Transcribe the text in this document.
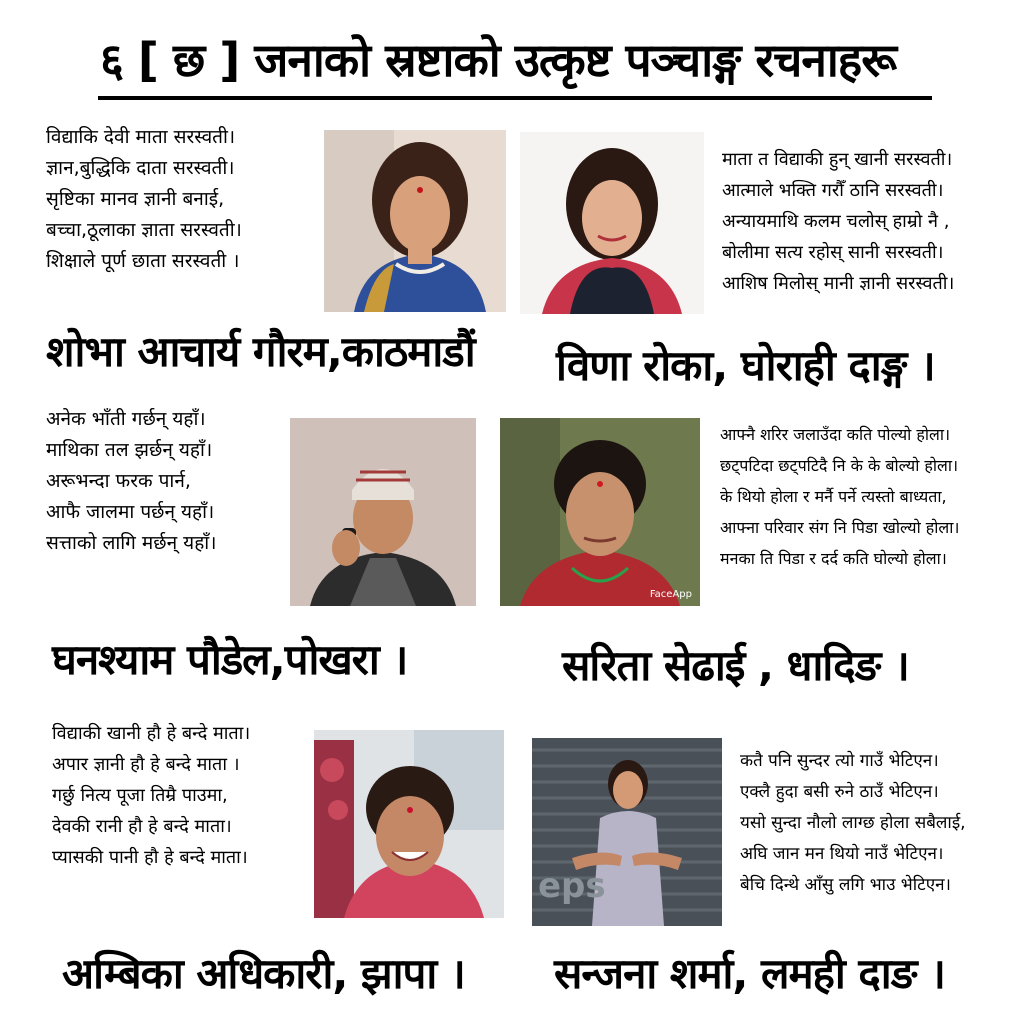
६ [ छ ] जनाको स्रष्टाको उत्कृष्ट पञ्चाङ्ग रचनाहरू
विद्याकि देवी माता सरस्वती।
ज्ञान,बुद्धिकि दाता सरस्वती।
सृष्टिका मानव ज्ञानी बनाई,
बच्चा,ठूलाका ज्ञाता सरस्वती।
शिक्षाले पूर्ण छाता सरस्वती ।
शोभा आचार्य गौरम,काठमाडौं
माता त विद्याकी हुन् खानी सरस्वती।
आत्माले भक्ति गरौँ ठानि सरस्वती।
अन्यायमाथि कलम चलोस् हाम्रो नै ,
बोलीमा सत्य रहोस् सानी सरस्वती।
आशिष मिलोस् मानी ज्ञानी सरस्वती।
विणा रोका, घोराही दाङ्ग ।
अनेक भाँती गर्छन् यहाँ।
माथिका तल झर्छन् यहाँ।
अरूभन्दा फरक पार्न,
आफै जालमा पर्छन् यहाँ।
सत्ताको लागि मर्छन् यहाँ।
FaceApp
आफ्नै शरिर जलाउँदा कति पोल्यो होला।
छट्पटिदा छट्पटिदै नि के के बोल्यो होला।
के थियो होला र मर्नै पर्ने त्यस्तो बाध्यता,
आफ्ना परिवार संग नि पिडा खोल्यो होला।
मनका ति पिडा र दर्द कति घोल्यो होला।
घनश्याम पौडेल,पोखरा ।	सरिता सेढाई , धादिङ ।
विद्याकी खानी हौ हे बन्दे माता।
अपार ज्ञानी हौ हे बन्दे माता ।
गर्छु नित्य पूजा तिम्रै पाउमा,
देवकी रानी हौ हे बन्दे माता।
प्यासकी पानी हौ हे बन्दे माता।
eps
कतै पनि सुन्दर त्यो गाउँ भेटिएन।
एक्लै हुदा बसी रुने ठाउँ भेटिएन।
यसो सुन्दा नौलो लाग्छ होला सबैलाई,
अघि जान मन थियो नाउँ भेटिएन।
बेचि दिन्थे आँसु लगि भाउ भेटिएन।
अम्बिका अधिकारी, झापा । सन्जना शर्मा, लमही दाङ ।
